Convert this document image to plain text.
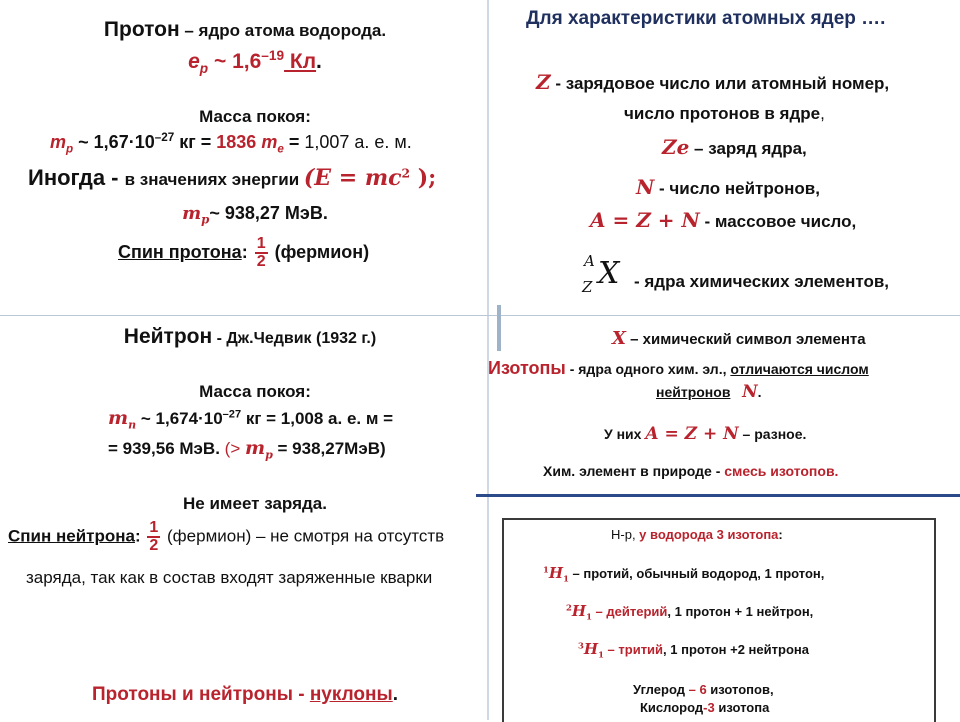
Протон – ядро атома водорода.
$e_p$ ~ $1,6^{-19}$ Кл.
Масса покоя:
$m_p$ ~ $1,67\cdot 10^{-27}$ кг = 1836 $m_e = 1,007$ а. е. м.
Иногда - в значениях энергии ($E = mc^2$ );
$m_p\sim$ 938,27 МэВ.
Спин протона: $\frac{1}{2}$ (фермион)
Для характеристики атомных ядер ….
Z - зарядовое число или атомный номер,
число протонов в ядре,
Ze – заряд ядра,
N - число нейтронов,
A = Z + N - массовое число,
A
Z X - ядра химических элементов,
Нейтрон - Дж.Чедвик (1932 г.)
Масса покоя:
$m_n$ ~ $1,674\cdot 10^{-27}$ кг = 1,008 а. е. м =
= 939,56 МэВ. (> $m_p = 938,27МэВ$)
Не имеет заряда.
Спин нейтрона: $\frac{1}{2}$ (фермион) – не смотря на отсутств
заряда, так как в состав входят заряженные кварки
Протоны и нейтроны - нуклоны.
X – химический символ элемента
Изотопы - ядра одного хим. эл., отличаются числом
нейтронов N.
У них A = Z + N – разное.
Хим. элемент в природе - смесь изотопов.
Н-р, у водорода 3 изотопа:
$^1H_1$ – протий, обычный водород, 1 протон,
$^2H_1$ – дейтерий, 1 протон + 1 нейтрон,
$^3H_1$ – тритий, 1 протон +2 нейтрона
Углерод – 6 изотопов,
Кислород-3 изотопа
